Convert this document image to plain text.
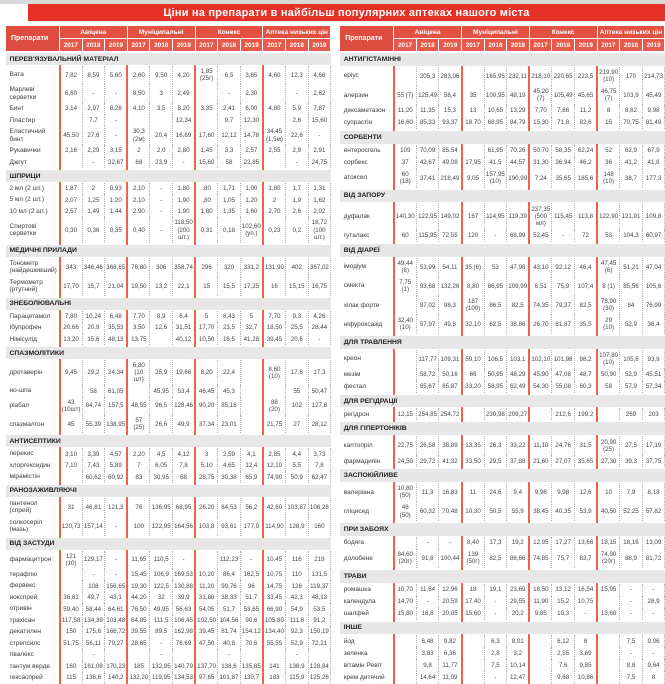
Ціни на препарати в найбільш популярних аптеках нашого міста
Препарати	Авіцена			Муніципальні			Конекс			Аптека низьких цін		
	2017	2018	2019	2017	2018	2019	2017	2018	2019	2017	2018	2019
ПЕРЕВ'ЯЗУВАЛЬНИЙ МАТЕРІАЛ												
Вата	7,82	8,59	5,60	2,60	9,50	4,20	1,85 (25г)	6,5	3,85	4,60	12,3	4,66
Марлеві серветки	6,60	-	-	8,50	3	2,49		-	2,30		-	2,62
Бинт	3,14	2,97	8,28	4,10	3,5	8,20	3,35	2,41	6,00	4,80	5,9	7,87
Пластир		7,7	-			12,34		9,7	12,30		2,6	15,60
Еластичний бинт	45,50	27,6	-	30,3 (2м)	20,4	16,69	17,60	12,12	14,78	34,45 (1,5м)	22,6	-
Рукавички	2,16	2,29	3,15	2	2,0	2,80	1,45	3,3	2,57	2,55	2,9	2,91
Джгут		-	32,67	68	23,9	-	15,60	58	22,85		-	24,75
ШПРИЦИ												
2 мл (2 шт.)	1,87	2	0,93	2,10	-	1,80	,80	1,71	1,00	1,80	1,7	1,31
5 мл (2 шт.)	2,07	1,25	1,20	2,10	-	1,90	,80	1,05	1,20	2	1,9	1,62
10 мл (2 шт.)	2,57	1,49	1,44	2,90	-	1,90	1,80	1,35	1,60	2,70	2,6	2,02
Спиртові серветки	0,30	0,36	0,35	0,40	-	118,50 (200 шт.)	0,31	0,18	102,60 (уп.)	0,23	0,2	18,72 (100 шт.)
МЕДИЧНІ ПРИЛАДИ												
Тонометр (найдешевший)	343	346,46	368,65	76,80	306	358,74	296	320	331,2	131,90	402	367,02
Термометр (ртутний)	17,70	15,7	21,04	19,50	13,2	22,1	15	15,5	17,25	16	15,15	16,75
ЗНЕБОЛЮВАЛЬНІ												
Парацетамол	7,80	10,24	6,48	7,70	8,9	6,4	5	8,43	5	7,70	9,3	4,26
Ібупрофен	20,66	20,9	35,53	3,50	12,6	31,51	17,70	23,5	32,7	18,50	25,5	28,44
Німісулід	13,20	15,6	48,13	13,75		40,12	10,50	16,5	41,28	39,45	20,6	-
СПАЗМОЛІТИКИ												
дротаверін	9,45	29,2	24,34	6,80 (10 шт)	25,9	19,66	8,20	22,4		8,60 (10)	17,8	17,3
но-шпа		58	61,05		45,95	53,4	46,45	45,3			55	50,47
ріабал	43 (10шт)	84,74	157,5	48,55	96,5	128,46	90,20	85,16		88 (20)	102	127,8
спазмалгон	45	55,39	138,95	57 (25)	26,6	49,9	37,34	23,01		21,75	27	28,12
АНТИСЕПТИКИ												
перекис	3,10	3,39	4,57	2,20	4,5	4,12	3	2,59	4,1	2,85	4,4	3,73
хлоргексидин	7,10	7,43	5,89	7	6,05	7,8	5,10	4,65	12,4	12,10	5,5	7,8
мірамістін		60,62	60,92	83	30,95	68	28,75	30,38	65,9	74,90	50,9	62,47
РАНОЗАЖИВЛЯЮЧІ												
пантенол (спрей)	31	46,81	121,3	76	136,95	68,95	26,20	64,53	56,2	42,60	103,87	106,28
солкосеріл (мазь)	120,73	157,14	-	100	122,95	164,56	103,8	93,61	177,9	114,90	128,9	160
ВІД ЗАСТУДИ												
фармацитрон	121 (10)	129,17	-	11,65	110,5	-		112,23	-	10,45	116	219
терафлю		-	-	15,45	106,9	169,53	10,20	86,4	162,5	10,75	110	131,5
фервекс		108	156,65	19,30	122,5	130,88	11,20	99,76	96	14,75	126	119,37
нокспрей	36,81	49,7	43,1	44,20	32	39,9	31,80	38,33	51,7	33,45	42,3	48,13
отривін	59,40	58,44	64,61	76,50	49,95	56,63	54,05	51,7	53,65	66,90	54,9	53,5
трахісан	117,58	134,39	103,48	64,85	111,5	106,45	102,50	104,56	90,6	105,80	111,8	91,2
декатилен	150	175,6	166,72	39,55	89,5	162,98	39,45	81,74	154,12	134,40	92,3	150,19
стрепсилс	51,75	56,11	79,27	28,65	-	76,69	47,50	40,8	70,6	55,55	52,9	72,21
гівалекс		-			-			-			-	
тантум верде	160	161,08	170,23	185	132,95	140,79	137,70	138,6	135,85	141	138,9	128,84
гексаспрей	115	136,6	140,2	132,20	119,95	134,53	97,65	101,87	130,7	103	115,9	125,26
Препарати	Авіцена			Муніципальні			Конекс			Аптека низьких цін		
	2017	2018	2019	2017	2018	2019	2017	2018	2019	2017	2018	2019
АНТИГІСТАМІННІ												
еріус		205,3	283,06		165,95	232,11	218,10	220,65	223,5	219,90 (10)	170	214,73
алерзин	55 (7)	125,49	58,4	35	100,95	48,19	45,20 (7)	105,49	45,65	46,75 (7)	103,9	45,49
дексаметазон	11,20	11,35	15,3	13	10,65	13,29	7,70	7,86	11,2	8	8,62	9,98
супрастін	16,60	85,33	93,37	18,70	68,95	84,79	15,30	71,8	82,6	15	70,75	81,49
СОРБЕНТИ												
ентеросгель	109	70,09	85,54		61,95	70,26	50,70	58,35	62,24	52	62,9	67,9
сорбекс	37	42,67	49,08	17,95	41,5	44,57	31,30	36,94	46,2	36	41,2	41,8
атоксил	60 (18)	37,41	218,49	9,05	157,95 (10)	190,99	7,24	35,65	185,6	148 (10)	38,7	177,3
ВІД ЗАПОРУ												
дуфалак	140,30	122,95	149,02	167	114,95	119,39	237,35 (500 мл)	115,45	113,8	122,90	121,91	109,8
гуталакс	60	115,95	72,55	120	-	68,99	52,45	-	72	53	104,3	60,97
ВІД ДІАРЕЇ												
імодіум	49,44 (6)	53,99	54,11	35 (6)	53	47,98	43,10	92,12	46,4	47,45 (6)	51,21	47,04
смекта	7,75 (1)	93,68	132,26	8,80	86,95	109,99	6,51	75,9	107,4	8 (1)	85,56	105,6
хілак форте		87,02	98,3	187 (100)	86,5	82,5	74,35	79,37	82,5	78,90 (30)	84	76,99
ніфуроксазід	32,40 (10)	57,97	49,8	32,10	62,5	38,86	26,70	61,87	35,5	29 (10)	52,9	36,4
ДЛЯ ТРАВЛЕННЯ												
креон		117,77	109,31	59,10	106,5	103,1	102,10	101,98	98,2	107,80 (10)	105,8	93,9
мезім		58,72	50,16	66	50,95	48,29	45,90	47,08	48,7	50,90	52,9	45,51
фестал		65,67	65,87	33,20	58,95	62,49	54,30	55,08	60,3	58	57,9	57,34
ДЛЯ РЕГІДРАЦІЇ												
регідрон	12,15	254,85	254,72		230,98	209,27		212,6	199,2		269	203
ДЛЯ ГІПЕРТОНІКІВ												
каптопріл	22,75	26,58	38,89	13,35	26,3	33,22	11,10	24,76	31,5	20,90 (25)	27,5	17,19
фармадипін	24,50	29,72	41,32	33,50	29,5	37,88	21,60	27,07	35,65	27,30	39,3	37,75
ЗАСПОКІЙЛИВЕ												
валеріана	10,80 (50)	11,3	16,83	11	24,6	9,4	9,98	9,98	12,6	10	7,9	8,18
гліцисед	46 (50)	60,32	70,48	10,30	50,5	55,9	38,45	40,35	53,9	40,50	52,25	57,82
ПРИ ЗАБОЯХ												
бодяга		-	-	8,40	17,3	19,2	12,95	17,27	13,66	18,15	18,16	13,09
долобене	84,60 (20г)	91,8	100,44	139 (50г)	82,5	86,66	74,85	75,7	83,7	74,90 (20г)	88,9	81,72
ТРАВИ												
ромашка	10,70	11,64	12,96	18	19,1	23,69	18,50	13,12	16,54	15,95	-	-
календула	14,70	-	20,59	17,40	-	29,55	11,90	15,2	10,75		-	28,9
шалфей	15,80	16,8	20,05	15,60	-	20,2	9,85	10,3	-	13,60	-	-
ІНШЕ												
йод		6,48	9,82		6,3	8,01		6,12	8		7,5	9,06
зеленка		3,83	6,36		2,8	3,2		2,55	3,69		-	-
вітамін Ревіт		9,8	11,77		7,5	10,14		7,6	9,85		8,8	9,64
крем дитячий		14,64	11,09		-	12,47		9,68	10,86		7,5	8
